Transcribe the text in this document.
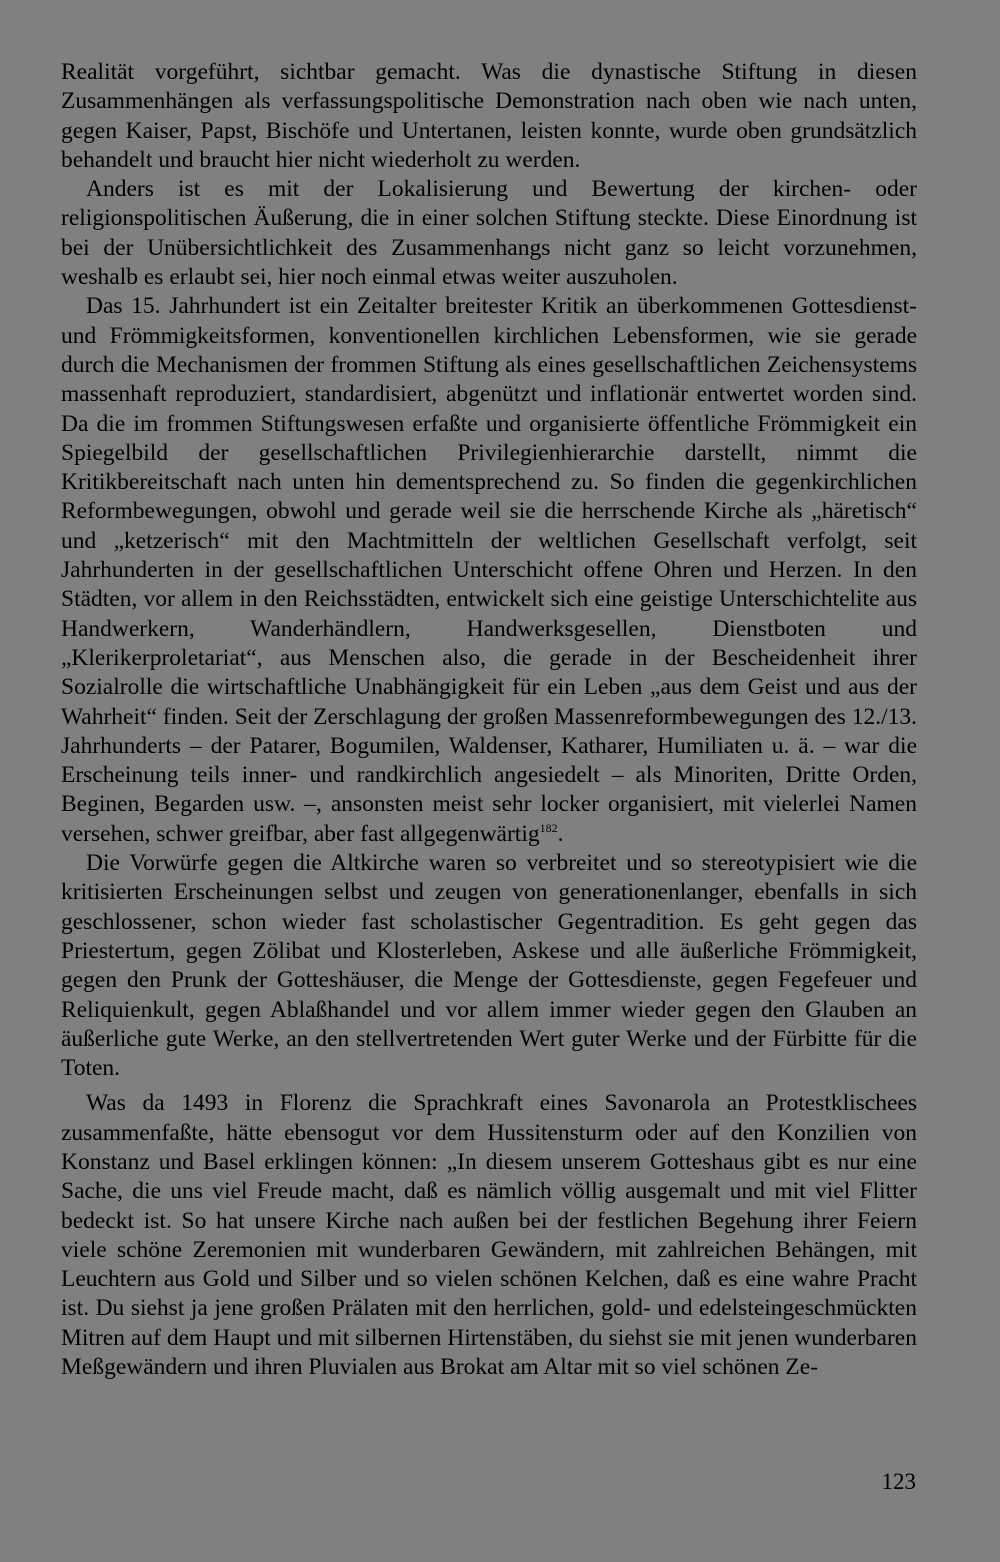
Realität vorgeführt, sichtbar gemacht. Was die dynastische Stiftung in diesen Zusammenhängen als verfassungspolitische Demonstration nach oben wie nach unten, gegen Kaiser, Papst, Bischöfe und Untertanen, leisten konnte, wurde oben grundsätzlich behandelt und braucht hier nicht wiederholt zu werden.

Anders ist es mit der Lokalisierung und Bewertung der kirchen- oder religionspolitischen Äußerung, die in einer solchen Stiftung steckte. Diese Einordnung ist bei der Unübersichtlichkeit des Zusammenhangs nicht ganz so leicht vorzunehmen, weshalb es erlaubt sei, hier noch einmal etwas weiter auszuholen.

Das 15. Jahrhundert ist ein Zeitalter breitester Kritik an überkommenen Gottesdienst- und Frömmigkeitsformen, konventionellen kirchlichen Lebensformen, wie sie gerade durch die Mechanismen der frommen Stiftung als eines gesellschaftlichen Zeichensystems massenhaft reproduziert, standardisiert, abgenützt und inflationär entwertet worden sind. Da die im frommen Stiftungswesen erfaßte und organisierte öffentliche Frömmigkeit ein Spiegelbild der gesellschaftlichen Privilegienhierarchie darstellt, nimmt die Kritikbereitschaft nach unten hin dementsprechend zu. So finden die gegenkirchlichen Reformbewegungen, obwohl und gerade weil sie die herrschende Kirche als „häretisch“ und „ketzerisch“ mit den Machtmitteln der weltlichen Gesellschaft verfolgt, seit Jahrhunderten in der gesellschaftlichen Unterschicht offene Ohren und Herzen. In den Städten, vor allem in den Reichsstädten, entwickelt sich eine geistige Unterschichtelite aus Handwerkern, Wanderhändlern, Handwerksgesellen, Dienstboten und „Klerikerproletariat“, aus Menschen also, die gerade in der Bescheidenheit ihrer Sozialrolle die wirtschaftliche Unabhängigkeit für ein Leben „aus dem Geist und aus der Wahrheit“ finden. Seit der Zerschlagung der großen Massenreformbewegungen des 12./13. Jahrhunderts – der Patarer, Bogumilen, Waldenser, Katharer, Humiliaten u. ä. – war die Erscheinung teils inner- und randkirchlich angesiedelt – als Minoriten, Dritte Orden, Beginen, Begarden usw. –, ansonsten meist sehr locker organisiert, mit vielerlei Namen versehen, schwer greifbar, aber fast allgegenwärtig$^{182}$.

Die Vorwürfe gegen die Altkirche waren so verbreitet und so stereotypisiert wie die kritisierten Erscheinungen selbst und zeugen von generationenlanger, ebenfalls in sich geschlossener, schon wieder fast scholastischer Gegentradition. Es geht gegen das Priestertum, gegen Zölibat und Klosterleben, Askese und alle äußerliche Frömmigkeit, gegen den Prunk der Gotteshäuser, die Menge der Gottesdienste, gegen Fegefeuer und Reliquienkult, gegen Ablaßhandel und vor allem immer wieder gegen den Glauben an äußerliche gute Werke, an den stellvertretenden Wert guter Werke und der Fürbitte für die Toten.

Was da 1493 in Florenz die Sprachkraft eines Savonarola an Protestklischees zusammenfaßte, hätte ebensogut vor dem Hussitensturm oder auf den Konzilien von Konstanz und Basel erklingen können: „In diesem unserem Gotteshaus gibt es nur eine Sache, die uns viel Freude macht, daß es nämlich völlig ausgemalt und mit viel Flitter bedeckt ist. So hat unsere Kirche nach außen bei der festlichen Begehung ihrer Feiern viele schöne Zeremonien mit wunderbaren Gewändern, mit zahlreichen Behängen, mit Leuchtern aus Gold und Silber und so vielen schönen Kelchen, daß es eine wahre Pracht ist. Du siehst ja jene großen Prälaten mit den herrlichen, gold- und edelsteingeschmückten Mitren auf dem Haupt und mit silbernen Hirtenstäben, du siehst sie mit jenen wunderbaren Meßgewändern und ihren Pluvialen aus Brokat am Altar mit so viel schönen Ze-

123
